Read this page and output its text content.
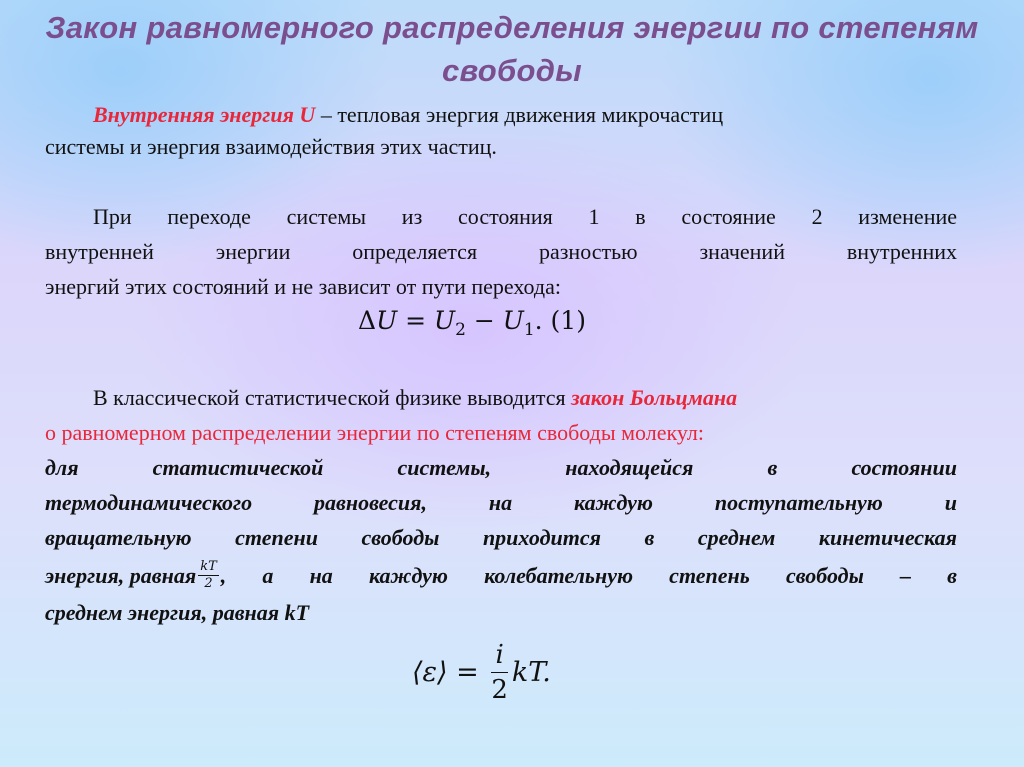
Закон равномерного распределения энергии по степеням свободы

Внутренняя энергия U – тепловая энергия движения микрочастиц
системы и энергия взаимодействия этих частиц.

При переходе системы из состояния 1 в состояние 2 изменение
внутренней энергии определяется разностью значений внутренних
энергий этих состояний и не зависит от пути перехода:

$\Delta U = U_2 - U_1$. (1)
В классической статистической физике выводится закон Больцмана
о равномерном распределении энергии по степеням свободы молекул:
для статистической системы, находящейся в состоянии
термодинамического равновесия, на каждую поступательную и
вращательную степени свободы приходится в среднем кинетическая
энергия, равная $\frac{kT}{2}$ , а на каждую колебательную степень свободы – в
среднем энергия, равная kT
⟨ε⟩ = $\frac{i}{2}$ kT.
